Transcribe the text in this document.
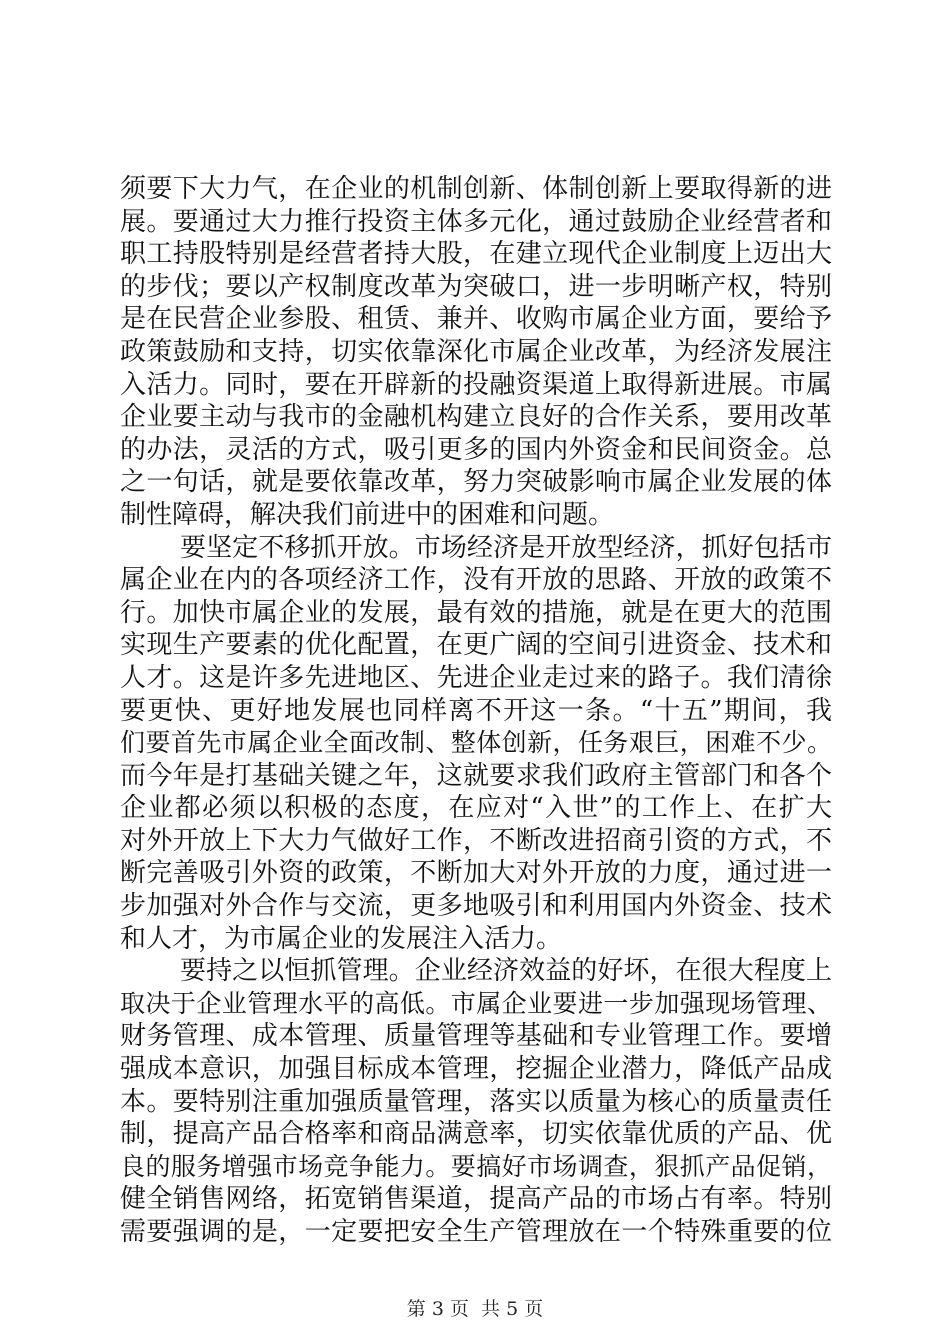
须要下大力气，在企业的机制创新、体制创新上要取得新的进
展。要通过大力推行投资主体多元化，通过鼓励企业经营者和
职工持股特别是经营者持大股，在建立现代企业制度上迈出大
的步伐；要以产权制度改革为突破口，进一步明晰产权，特别
是在民营企业参股、租赁、兼并、收购市属企业方面，要给予
政策鼓励和支持，切实依靠深化市属企业改革，为经济发展注
入活力。同时，要在开辟新的投融资渠道上取得新进展。市属
企业要主动与我市的金融机构建立良好的合作关系，要用改革
的办法，灵活的方式，吸引更多的国内外资金和民间资金。总
之一句话，就是要依靠改革，努力突破影响市属企业发展的体
制性障碍，解决我们前进中的困难和问题。
要坚定不移抓开放。市场经济是开放型经济，抓好包括市
属企业在内的各项经济工作，没有开放的思路、开放的政策不
行。加快市属企业的发展，最有效的措施，就是在更大的范围
实现生产要素的优化配置，在更广阔的空间引进资金、技术和
人才。这是许多先进地区、先进企业走过来的路子。我们清徐
要更快、更好地发展也同样离不开这一条。“十五”期间，我
们要首先市属企业全面改制、整体创新，任务艰巨，困难不少。
而今年是打基础关键之年，这就要求我们政府主管部门和各个
企业都必须以积极的态度，在应对“入世”的工作上、在扩大
对外开放上下大力气做好工作，不断改进招商引资的方式，不
断完善吸引外资的政策，不断加大对外开放的力度，通过进一
步加强对外合作与交流，更多地吸引和利用国内外资金、技术
和人才，为市属企业的发展注入活力。
要持之以恒抓管理。企业经济效益的好坏，在很大程度上
取决于企业管理水平的高低。市属企业要进一步加强现场管理、
财务管理、成本管理、质量管理等基础和专业管理工作。要增
强成本意识，加强目标成本管理，挖掘企业潜力，降低产品成
本。要特别注重加强质量管理，落实以质量为核心的质量责任
制，提高产品合格率和商品满意率，切实依靠优质的产品、优
良的服务增强市场竞争能力。要搞好市场调查，狠抓产品促销，
健全销售网络，拓宽销售渠道，提高产品的市场占有率。特别
需要强调的是，一定要把安全生产管理放在一个特殊重要的位
第 3 页  共 5 页
